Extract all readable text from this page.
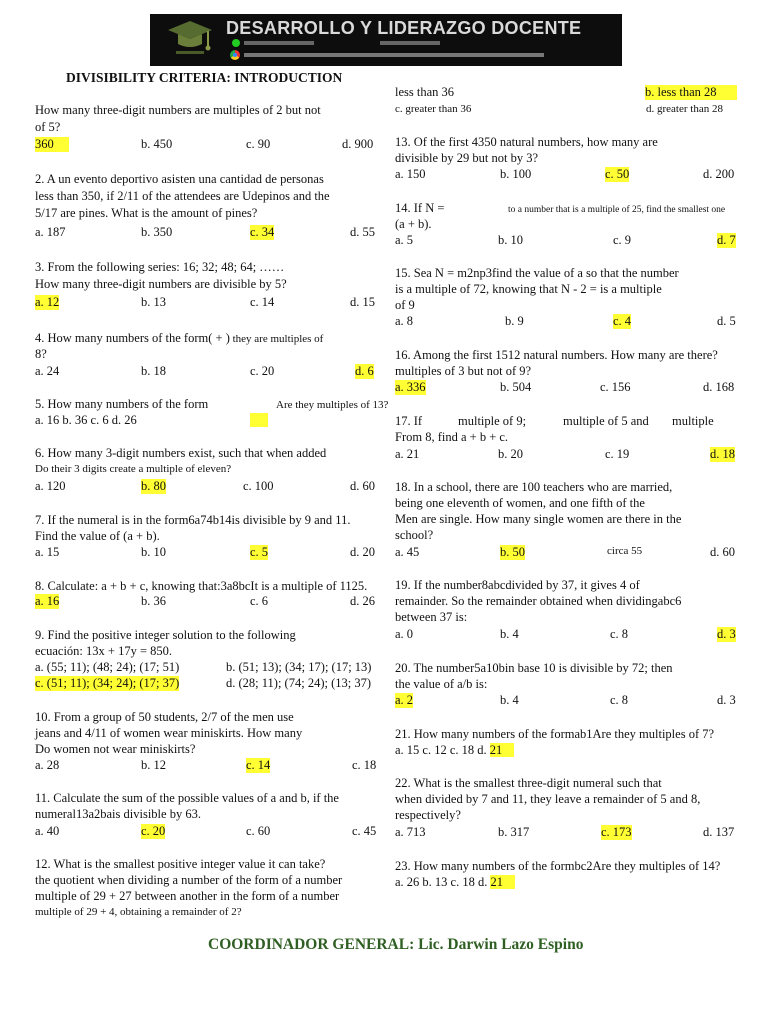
DESARROLLO Y LIDERAZGO DOCENTE
DIVISIBILITY CRITERIA: INTRODUCTION
How many three-digit numbers are multiples of 2 but not
of 5?
360	b. 450	c. 90	d. 900
2. A un evento deportivo asisten una cantidad de personas
less than 350, if 2/11 of the attendees are Udepinos and the
5/17 are pines. What is the amount of pines?
a. 187	b. 350	c. 34	d. 55
3. From the following series: 16; 32; 48; 64; ……
How many three-digit numbers are divisible by 5?
a. 12	b. 13	c. 14	d. 15
4. How many numbers of the form( + ) they are multiples of
8?
a. 24	b. 18	c. 20	d. 6
5. How many numbers of the form	Are they multiples of 13?
a. 16 b. 36 c. 6 d. 26
6. How many 3-digit numbers exist, such that when added
Do their 3 digits create a multiple of eleven?
a. 120	b. 80	c. 100	d. 60
7. If the numeral is in the form6a74b14is divisible by 9 and 11.
Find the value of (a + b).
a. 15	b. 10	c. 5	d. 20
8. Calculate: a + b + c, knowing that:3a8bcIt is a multiple of 1125.
a. 16	b. 36	c. 6	d. 26
9. Find the positive integer solution to the following
ecuación: 13x + 17y = 850.
a. (55; 11); (48; 24); (17; 51)	b. (51; 13); (34; 17); (17; 13)
c. (51; 11); (34; 24); (17; 37)	d. (28; 11); (74; 24); (13; 37)
10. From a group of 50 students, 2/7 of the men use
jeans and 4/11 of women wear miniskirts. How many
Do women not wear miniskirts?
a. 28	b. 12	c. 14	c. 18
11. Calculate the sum of the possible values of a and b, if the
numeral13a2bais divisible by 63.
a. 40	c. 20	c. 60	c. 45
12. What is the smallest positive integer value it can take?
the quotient when dividing a number of the form of a number
multiple of 29 + 27 between another in the form of a number
multiple of 29 + 4, obtaining a remainder of 2?
less than 36	b. less than 28
c. greater than 36	d. greater than 28
13. Of the first 4350 natural numbers, how many are
divisible by 29 but not by 3?
a. 150	b. 100	c. 50	d. 200
14. If N =	to a number that is a multiple of 25, find the smallest one
(a + b).
a. 5	b. 10	c. 9	d. 7
15. Sea N = m2np3find the value of a so that the number
is a multiple of 72, knowing that N - 2 = is a multiple
of 9
a. 8	b. 9	c. 4	d. 5
16. Among the first 1512 natural numbers. How many are there?
multiples of 3 but not of 9?
a. 336	b. 504	c. 156	d. 168
17. If	multiple of 9;	multiple of 5 and multiple
From 8, find a + b + c.
a. 21	b. 20	c. 19	d. 18
18. In a school, there are 100 teachers who are married,
being one eleventh of women, and one fifth of the
Men are single. How many single women are there in the
school?
a. 45	b. 50	circa 55	d. 60
19. If the number8abcdivided by 37, it gives 4 of
remainder. So the remainder obtained when dividingabc6
between 37 is:
a. 0	b. 4	c. 8	d. 3
20. The number5a10bin base 10 is divisible by 72; then
the value of a/b is:
a. 2	b. 4	c. 8	d. 3
21. How many numbers of the formab1Are they multiples of 7?
a. 15 c. 12 c. 18 d. 21
22. What is the smallest three-digit numeral such that
when divided by 7 and 11, they leave a remainder of 5 and 8,
respectively?
a. 713	b. 317	c. 173	d. 137
23. How many numbers of the formbc2Are they multiples of 14?
a. 26 b. 13 c. 18 d. 21
COORDINADOR GENERAL: Lic. Darwin Lazo Espino
